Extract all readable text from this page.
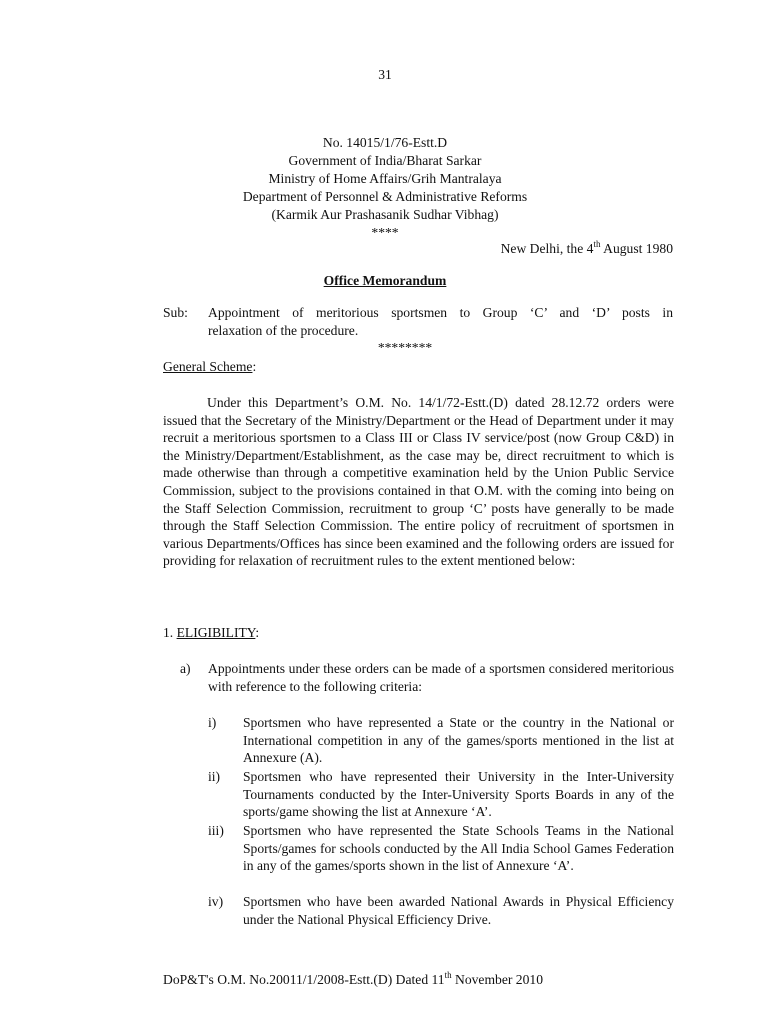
31
No. 14015/1/76-Estt.D
Government of India/Bharat Sarkar
Ministry of Home Affairs/Grih Mantralaya
Department of Personnel & Administrative Reforms
(Karmik Aur Prashasanik Sudhar Vibhag)
****
New Delhi, the 4th August 1980
Office Memorandum
Sub: Appointment of meritorious sportsmen to Group ‘C’ and ‘D’ posts in
relaxation of the procedure.
********
General Scheme:
Under this Department’s O.M. No. 14/1/72-Estt.(D) dated 28.12.72 orders were issued that the Secretary of the Ministry/Department or the Head of Department under it may recruit a meritorious sportsmen to a Class III or Class IV service/post (now Group C&D) in the Ministry/Department/Establishment, as the case may be, direct recruitment to which is made otherwise than through a competitive examination held by the Union Public Service Commission, subject to the provisions contained in that O.M. with the coming into being on the Staff Selection Commission, recruitment to group ‘C’ posts have generally to be made through the Staff Selection Commission. The entire policy of recruitment of sportsmen in various Departments/Offices has since been examined and the following orders are issued for providing for relaxation of recruitment rules to the extent mentioned below:
1. ELIGIBILITY:
a) Appointments under these orders can be made of a sportsmen considered meritorious with reference to the following criteria:
i) Sportsmen who have represented a State or the country in the National or International competition in any of the games/sports mentioned in the list at Annexure (A).
ii) Sportsmen who have represented their University in the Inter-University Tournaments conducted by the Inter-University Sports Boards in any of the sports/game showing the list at Annexure ‘A’.
iii) Sportsmen who have represented the State Schools Teams in the National Sports/games for schools conducted by the All India School Games Federation in any of the games/sports shown in the list of Annexure ‘A’.
iv) Sportsmen who have been awarded National Awards in Physical Efficiency under the National Physical Efficiency Drive.
DoP&T's O.M. No.20011/1/2008-Estt.(D) Dated 11th November 2010
